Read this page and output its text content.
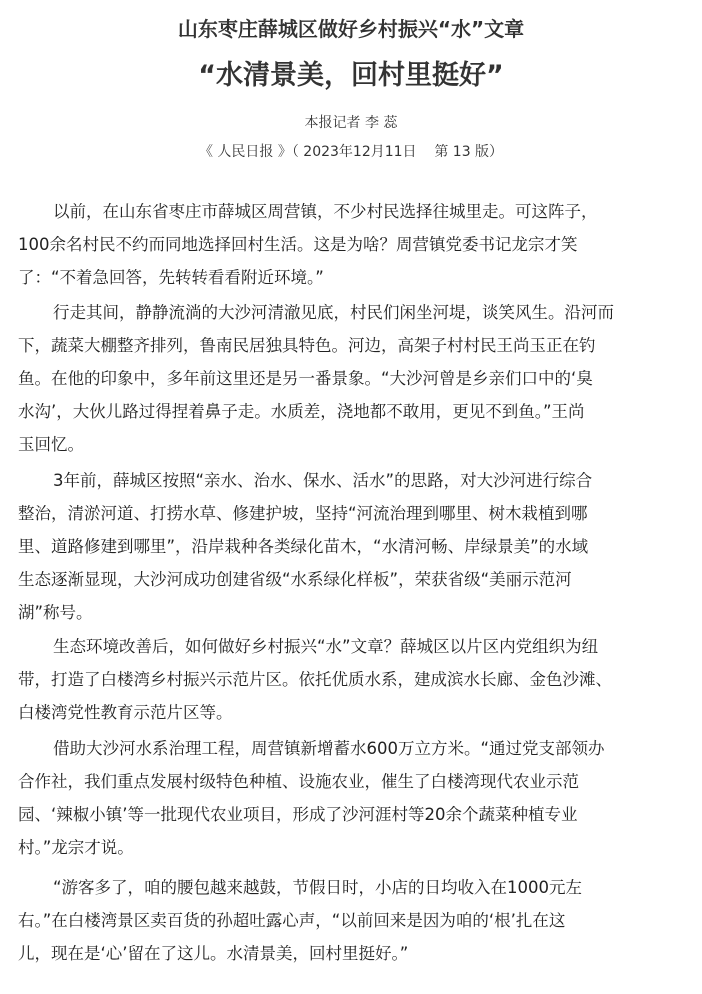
山东枣庄薛城区做好乡村振兴“水”文章
“水清景美，回村里挺好”
本报记者 李 蕊
《 人民日报 》（ 2023年12月11日    第 13 版）
以前，在山东省枣庄市薛城区周营镇，不少村民选择往城里走。可这阵子，
100余名村民不约而同地选择回村生活。这是为啥？周营镇党委书记龙宗才笑
了：“不着急回答，先转转看看附近环境。”
行走其间，静静流淌的大沙河清澈见底，村民们闲坐河堤，谈笑风生。沿河而
下，蔬菜大棚整齐排列，鲁南民居独具特色。河边，高架子村村民王尚玉正在钓
鱼。在他的印象中，多年前这里还是另一番景象。“大沙河曾是乡亲们口中的‘臭
水沟’，大伙儿路过得捏着鼻子走。水质差，浇地都不敢用，更见不到鱼。”王尚
玉回忆。
3年前，薛城区按照“亲水、治水、保水、活水”的思路，对大沙河进行综合
整治，清淤河道、打捞水草、修建护坡，坚持“河流治理到哪里、树木栽植到哪
里、道路修建到哪里”，沿岸栽种各类绿化苗木，“水清河畅、岸绿景美”的水域
生态逐渐显现，大沙河成功创建省级“水系绿化样板”，荣获省级“美丽示范河
湖”称号。
生态环境改善后，如何做好乡村振兴“水”文章？薛城区以片区内党组织为纽
带，打造了白楼湾乡村振兴示范片区。依托优质水系，建成滨水长廊、金色沙滩、
白楼湾党性教育示范片区等。
借助大沙河水系治理工程，周营镇新增蓄水600万立方米。“通过党支部领办
合作社，我们重点发展村级特色种植、设施农业，催生了白楼湾现代农业示范
园、‘辣椒小镇’等一批现代农业项目，形成了沙河涯村等20余个蔬菜种植专业
村。”龙宗才说。
“游客多了，咱的腰包越来越鼓，节假日时，小店的日均收入在1000元左
右。”在白楼湾景区卖百货的孙超吐露心声，“以前回来是因为咱的‘根’扎在这
儿，现在是‘心’留在了这儿。水清景美，回村里挺好。”
